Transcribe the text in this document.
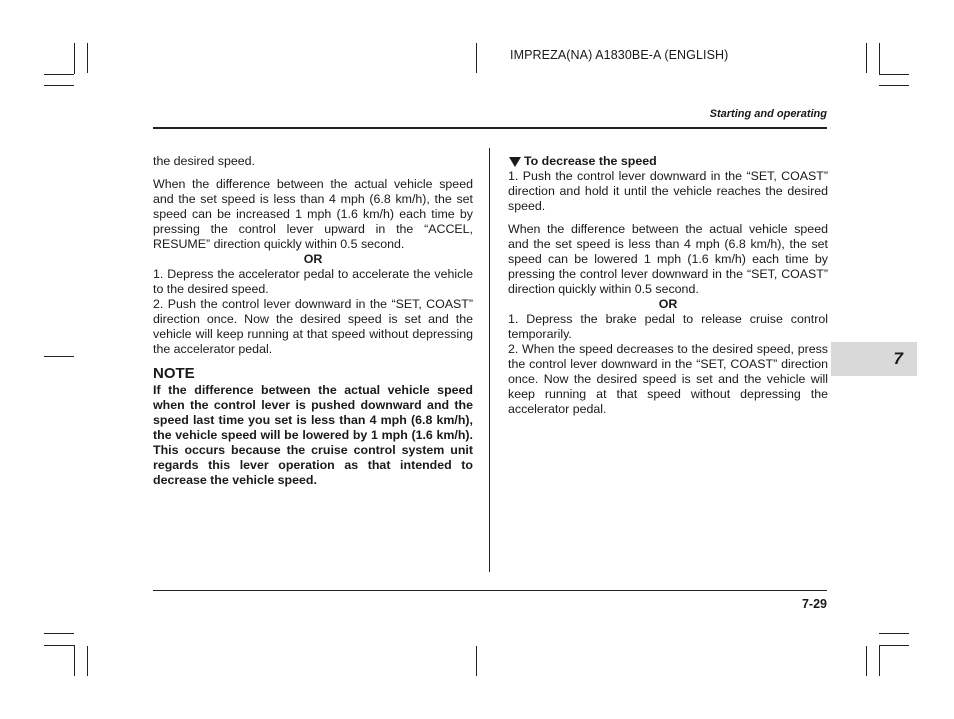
IMPREZA(NA) A1830BE-A (ENGLISH)
Starting and operating

the desired speed.

When the difference between the actual vehicle speed and the set speed is less than 4 mph (6.8 km/h), the set speed can be increased 1 mph (1.6 km/h) each time by pressing the control lever upward in the “ACCEL, RESUME” direction quickly within 0.5 second.

OR

1. Depress the accelerator pedal to accelerate the vehicle to the desired speed.

2. Push the control lever downward in the “SET, COAST” direction once. Now the desired speed is set and the vehicle will keep running at that speed without depressing the accelerator pedal.

NOTE

If the difference between the actual vehicle speed when the control lever is pushed downward and the speed last time you set is less than 4 mph (6.8 km/h), the vehicle speed will be lowered by 1 mph (1.6 km/h). This occurs because the cruise control system unit regards this lever operation as that intended to decrease the vehicle speed.

To decrease the speed

1. Push the control lever downward in the “SET, COAST” direction and hold it until the vehicle reaches the desired speed.

When the difference between the actual vehicle speed and the set speed is less than 4 mph (6.8 km/h), the set speed can be lowered 1 mph (1.6 km/h) each time by pressing the control lever downward in the “SET, COAST” direction quickly within 0.5 second.

OR

1. Depress the brake pedal to release cruise control temporarily.

2. When the speed decreases to the desired speed, press the control lever downward in the “SET, COAST” direction once. Now the desired speed is set and the vehicle will keep running at that speed without depressing the accelerator pedal.

7
7-29
